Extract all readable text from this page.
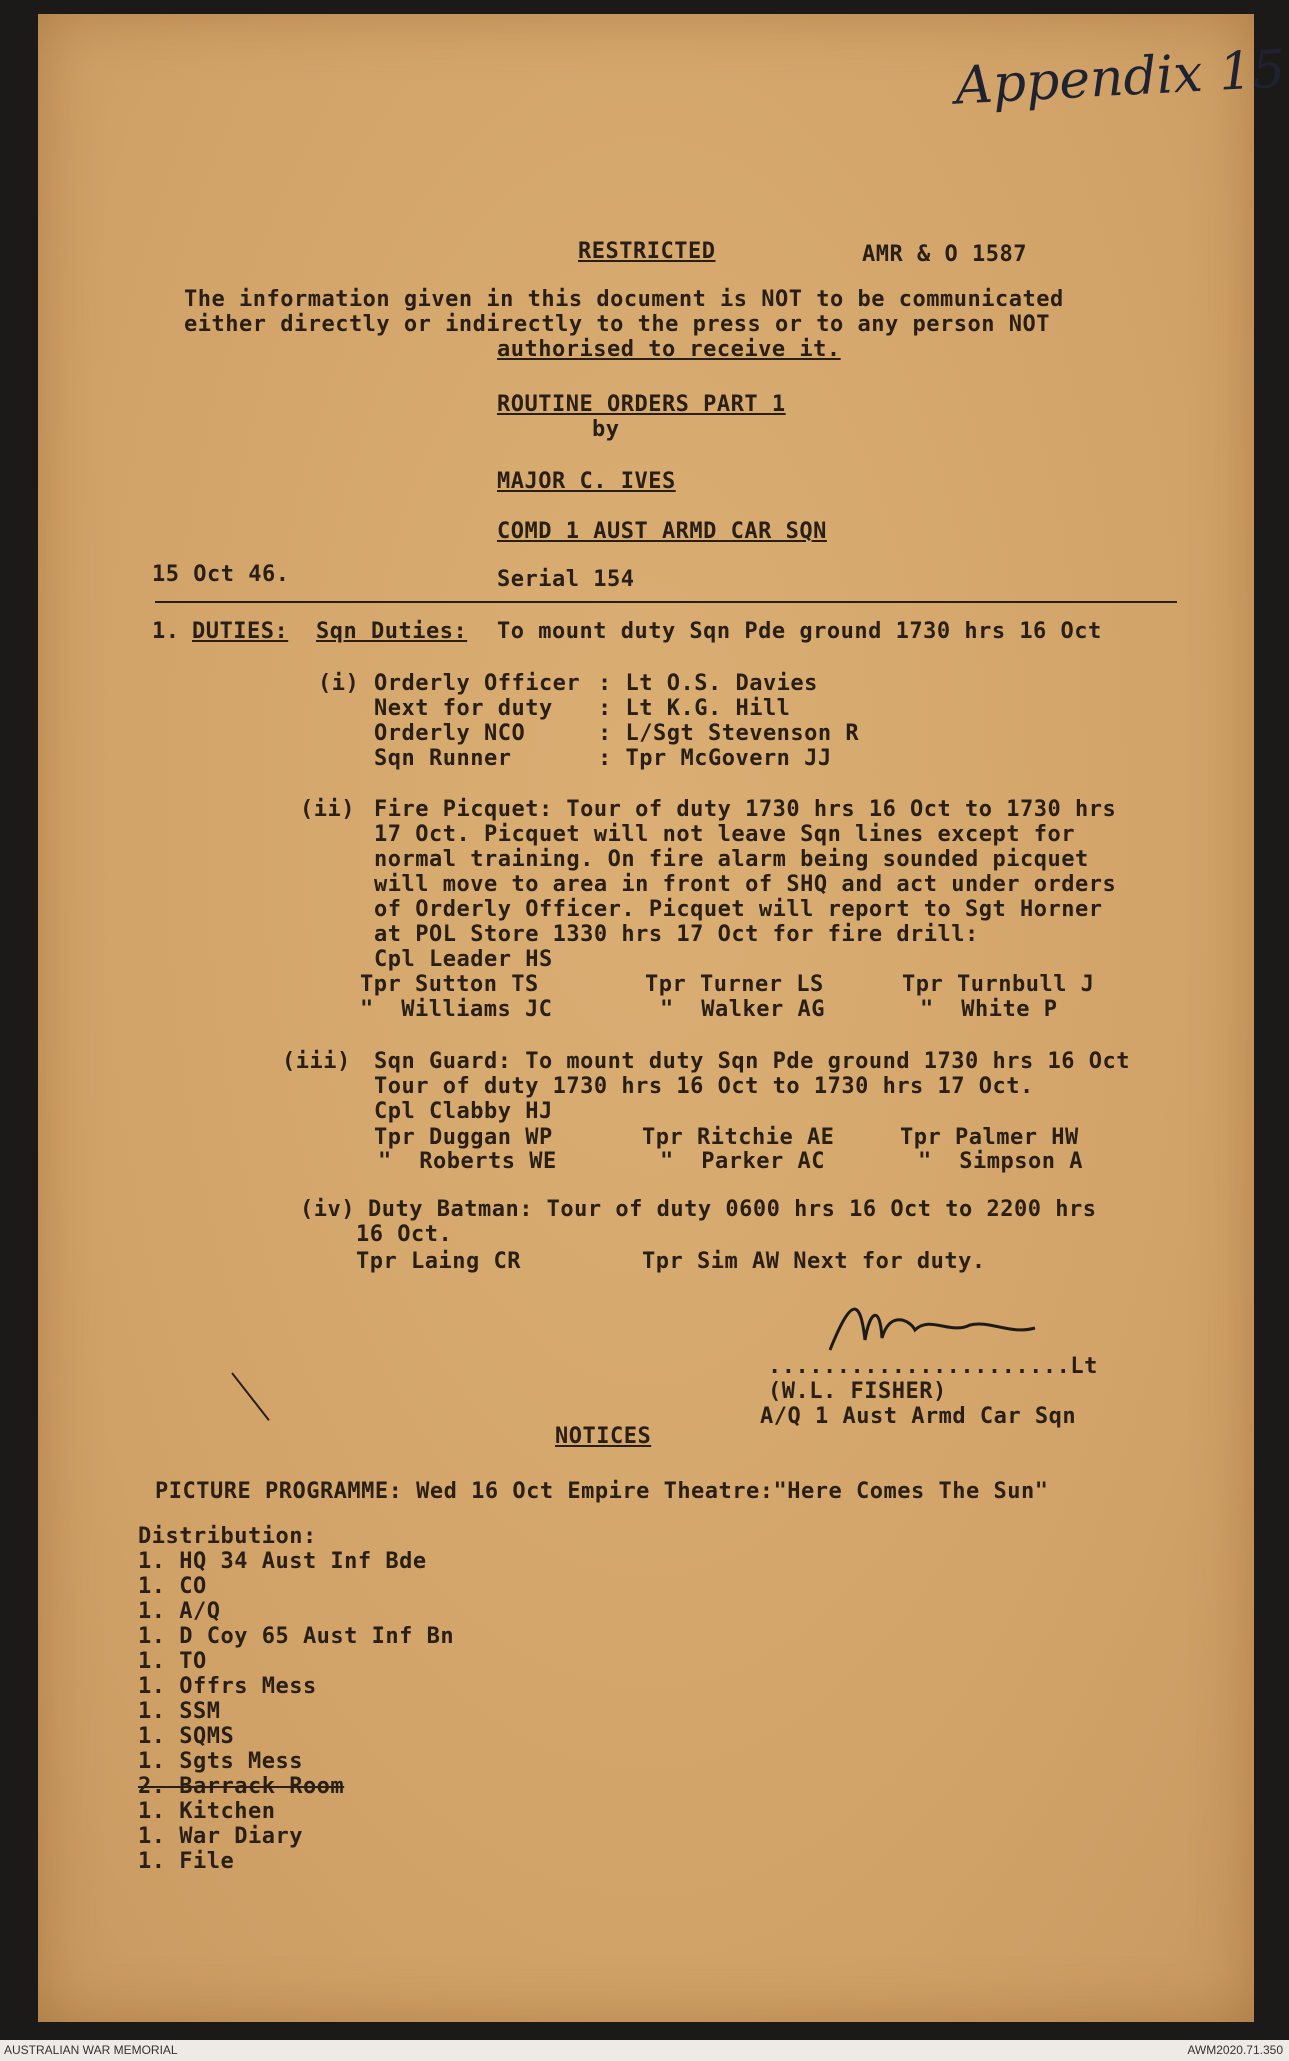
Appendix 15
RESTRICTED	AMR & O 1587
The information given in this document is NOT to be communicated
either directly or indirectly to the press or to any person NOT
authorised to receive it.
ROUTINE ORDERS PART 1
by
MAJOR C. IVES
COMD 1 AUST ARMD CAR SQN
15 Oct 46.	Serial 154
1. DUTIES: Sqn Duties: To mount duty Sqn Pde ground 1730 hrs 16 Oct
(i) Orderly Officer : Lt O.S. Davies
Next for duty : Lt K.G. Hill
Orderly NCO	: L/Sgt Stevenson R
Sqn Runner	: Tpr McGovern JJ
(ii) Fire Picquet: Tour of duty 1730 hrs 16 Oct to 1730 hrs
17 Oct. Picquet will not leave Sqn lines except for
normal training. On fire alarm being sounded picquet
will move to area in front of SHQ and act under orders
of Orderly Officer. Picquet will report to Sgt Horner
at POL Store 1330 hrs 17 Oct for fire drill:
Cpl Leader HS
Tpr Sutton TS	Tpr Turner LS	Tpr Turnbull J
"  Williams JC	"  Walker AG	"  White P
(iii) Sqn Guard: To mount duty Sqn Pde ground 1730 hrs 16 Oct
Tour of duty 1730 hrs 16 Oct to 1730 hrs 17 Oct.
Cpl Clabby HJ
Tpr Duggan WP	Tpr Ritchie AE	Tpr Palmer HW
"  Roberts WE	"  Parker AC	"  Simpson A
(iv) Duty Batman: Tour of duty 0600 hrs 16 Oct to 2200 hrs
16 Oct.
Tpr Laing CR	Tpr Sim AW Next for duty.
......................Lt
(W.L. FISHER)
A/Q 1 Aust Armd Car Sqn
NOTICES
PICTURE PROGRAMME: Wed 16 Oct Empire Theatre:"Here Comes The Sun"
Distribution:
1. HQ 34 Aust Inf Bde
1. CO
1. A/Q
1. D Coy 65 Aust Inf Bn
1. TO
1. Offrs Mess
1. SSM
1. SQMS
1. Sgts Mess
2. Barrack Room
1. Kitchen
1. War Diary
1. File
AUSTRALIAN WAR MEMORIAL	AWM2020.71.350
